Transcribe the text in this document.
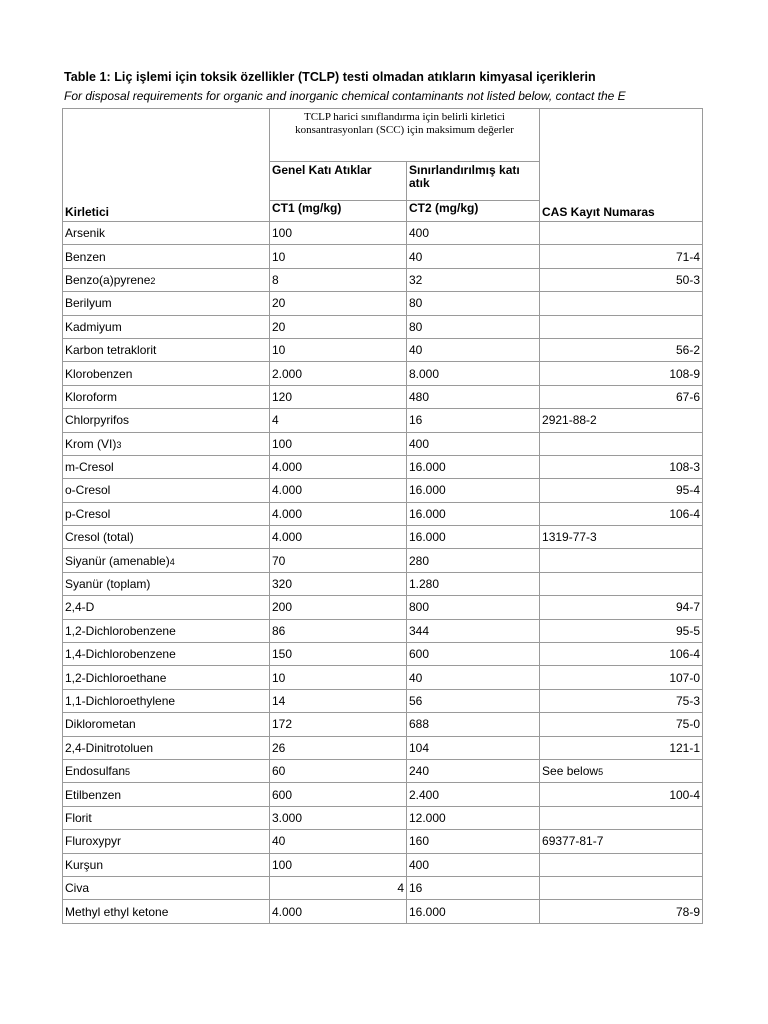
Table 1: Liç işlemi için toksik özellikler (TCLP) testi olmadan atıkların kimyasal içeriklerin
For disposal requirements for organic and inorganic chemical contaminants not listed below, contact the E
Kirletici	TCLP harici sınıflandırma için belirli kirletici konsantrasyonları (SCC) için maksimum değerler		CAS Kayıt Numaras
	Genel Katı Atıklar	Sınırlandırılmış katı atık	
	CT1 (mg/kg)	CT2 (mg/kg)	
Arsenik	100	400	
Benzen	10	40	71-4
Benzo(a)pyrene2	8	32	50-3
Berilyum	20	80	
Kadmiyum	20	80	
Karbon tetraklorit	10	40	56-2
Klorobenzen	2.000	8.000	108-9
Kloroform	120	480	67-6
Chlorpyrifos	4	16	2921-88-2
Krom (VI)3	100	400	
m-Cresol	4.000	16.000	108-3
o-Cresol	4.000	16.000	95-4
p-Cresol	4.000	16.000	106-4
Cresol (total)	4.000	16.000	1319-77-3
Siyanür (amenable)4	70	280	
Syanür (toplam)	320	1.280	
2,4-D	200	800	94-7
1,2-Dichlorobenzene	86	344	95-5
1,4-Dichlorobenzene	150	600	106-4
1,2-Dichloroethane	10	40	107-0
1,1-Dichloroethylene	14	56	75-3
Diklorometan	172	688	75-0
2,4-Dinitrotoluen	26	104	121-1
Endosulfan5	60	240	See below5
Etilbenzen	600	2.400	100-4
Florit	3.000	12.000	
Fluroxypyr	40	160	69377-81-7
Kurşun	100	400	
Civa	4	16	
Methyl ethyl ketone	4.000	16.000	78-9
